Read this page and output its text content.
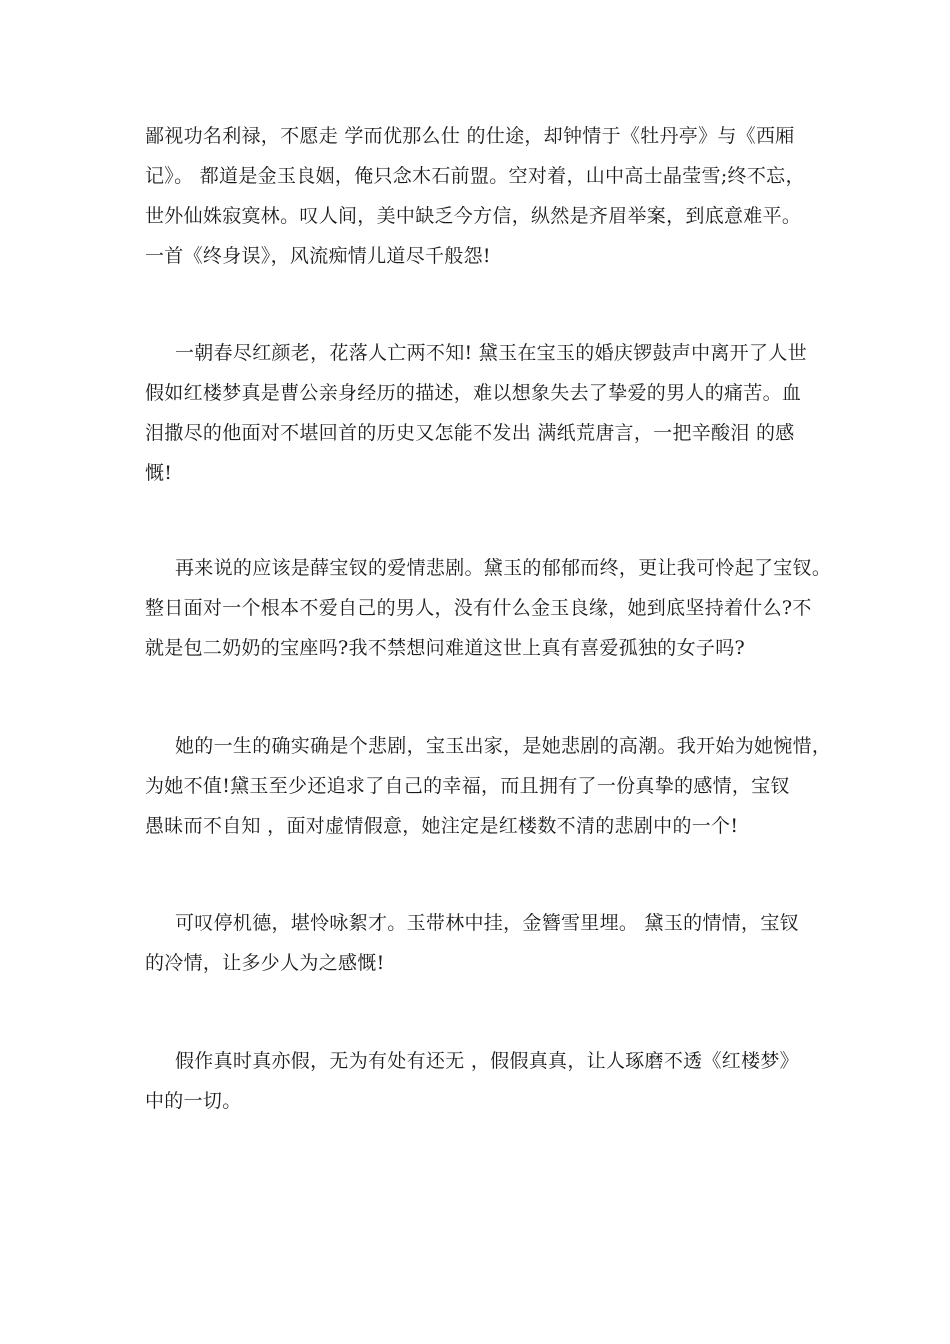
鄙视功名利禄，不愿走 学而优那么仕 的仕途，却钟情于《牡丹亭》与《西厢
记》。 都道是金玉良姻，俺只念木石前盟。空对着，山中高士晶莹雪;终不忘，
世外仙姝寂寞林。叹人间，美中缺乏今方信，纵然是齐眉举案，到底意难平。
一首《终身误》，风流痴情儿道尽千般怨!

一朝春尽红颜老，花落人亡两不知! 黛玉在宝玉的婚庆锣鼓声中离开了人世
假如红楼梦真是曹公亲身经历的描述，难以想象失去了挚爱的男人的痛苦。血
泪撒尽的他面对不堪回首的历史又怎能不发出 满纸荒唐言，一把辛酸泪 的感
慨!

再来说的应该是薛宝钗的爱情悲剧。黛玉的郁郁而终，更让我可怜起了宝钗。
整日面对一个根本不爱自己的男人，没有什么金玉良缘，她到底坚持着什么?不
就是包二奶奶的宝座吗?我不禁想问难道这世上真有喜爱孤独的女子吗?

她的一生的确实确是个悲剧，宝玉出家，是她悲剧的高潮。我开始为她惋惜，
为她不值!黛玉至少还追求了自己的幸福，而且拥有了一份真挚的感情，宝钗
愚昧而不自知 ，面对虚情假意，她注定是红楼数不清的悲剧中的一个!

可叹停机德，堪怜咏絮才。玉带林中挂，金簪雪里埋。 黛玉的情情，宝钗
的冷情，让多少人为之感慨!

假作真时真亦假，无为有处有还无 ，假假真真，让人琢磨不透《红楼梦》
中的一切。
